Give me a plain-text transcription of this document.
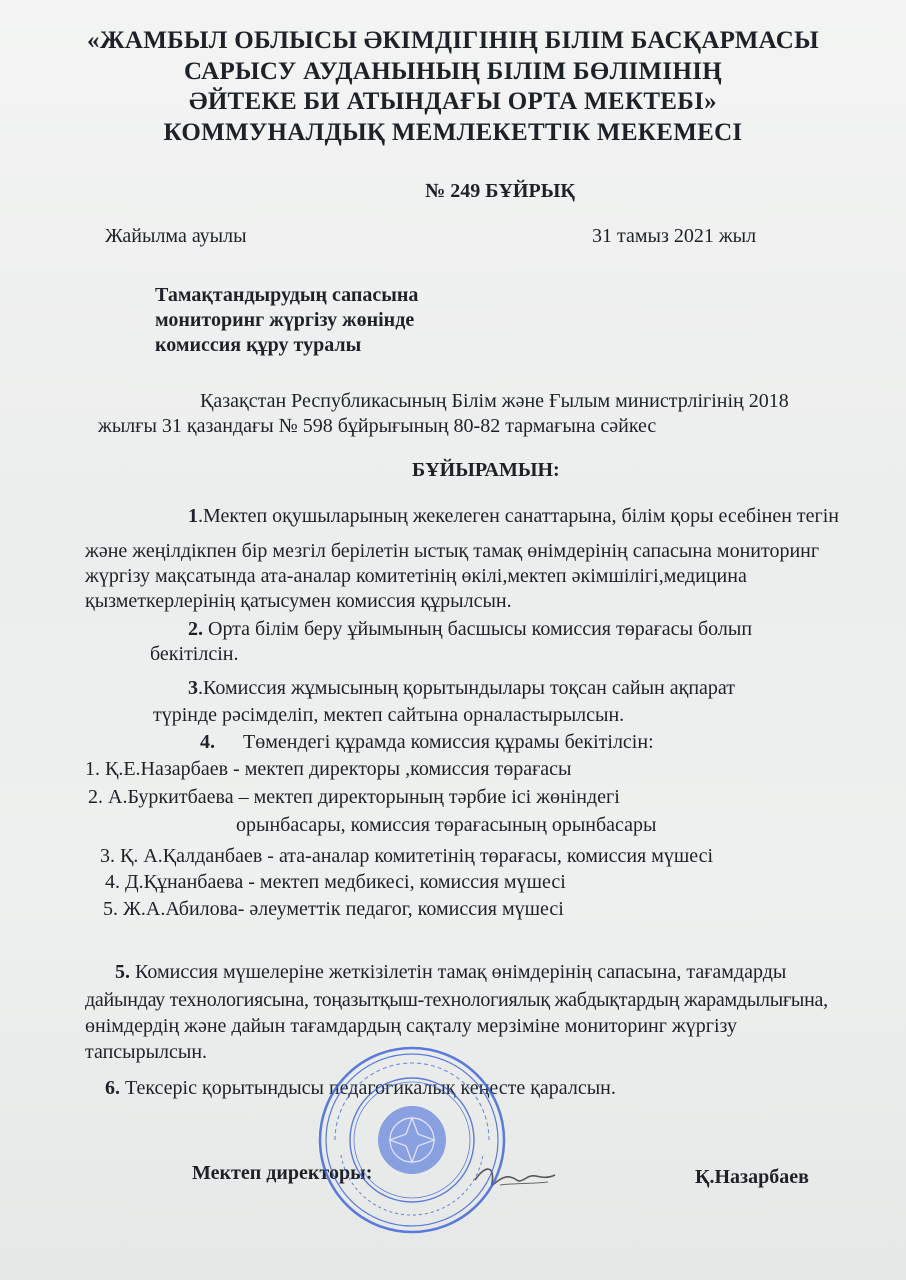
«ЖАМБЫЛ ОБЛЫСЫ ӘКІМДІГІНІҢ БІЛІМ БАСҚАРМАСЫ
САРЫСУ АУДАНЫНЫҢ БІЛІМ БӨЛІМІНІҢ
ӘЙТЕКЕ БИ АТЫНДАҒЫ ОРТА МЕКТЕБІ»
КОММУНАЛДЫҚ МЕМЛЕКЕТТІК МЕКЕМЕСІ
№ 249 БҰЙРЫҚ
Жайылма ауылы	31 тамыз 2021 жыл
Тамақтандырудың сапасына
мониторинг жүргізу жөнінде
комиссия құру туралы
Қазақстан Республикасының Білім және Ғылым министрлігінің 2018
жылғы 31 қазандағы № 598 бұйрығының 80-82 тармағына сәйкес
БҰЙЫРАМЫН:
1.Мектеп оқушыларының жекелеген санаттарына, білім қоры есебінен тегін
және жеңілдікпен бір мезгіл берілетін ыстық тамақ өнімдерінің сапасына мониторинг
жүргізу мақсатында ата-аналар комитетінің өкілі,мектеп әкімшілігі,медицина
қызметкерлерінің қатысумен комиссия құрылсын.
2. Орта білім беру ұйымының басшысы комиссия төрағасы болып
бекітілсін.
3.Комиссия жұмысының қорытындылары тоқсан сайын ақпарат
түрінде рәсімделіп, мектеп сайтына орналастырылсын.
4. Төмендегі құрамда комиссия құрамы бекітілсін:
1. Қ.Е.Назарбаев - мектеп директоры ,комиссия төрағасы
2. А.Буркитбаева – мектеп директорының тәрбие ісі жөніндегі
орынбасары, комиссия төрағасының орынбасары
3. Қ. А.Қалданбаев - ата-аналар комитетінің төрағасы, комиссия мүшесі
4. Д.Құнанбаева - мектеп медбикесі, комиссия мүшесі
5. Ж.А.Абилова- әлеуметтік педагог, комиссия мүшесі
5. Комиссия мүшелеріне жеткізілетін тамақ өнімдерінің сапасына, тағамдарды
дайындау технологиясына, тоңазытқыш-технологиялық жабдықтардың жарамдылығына,
өнімдердің және дайын тағамдардың сақталу мерзіміне мониторинг жүргізу
тапсырылсын.
6. Тексеріс қорытындысы педагогикалық кеңесте қаралсын.
Мектеп директоры:	Қ.Назарбаев
